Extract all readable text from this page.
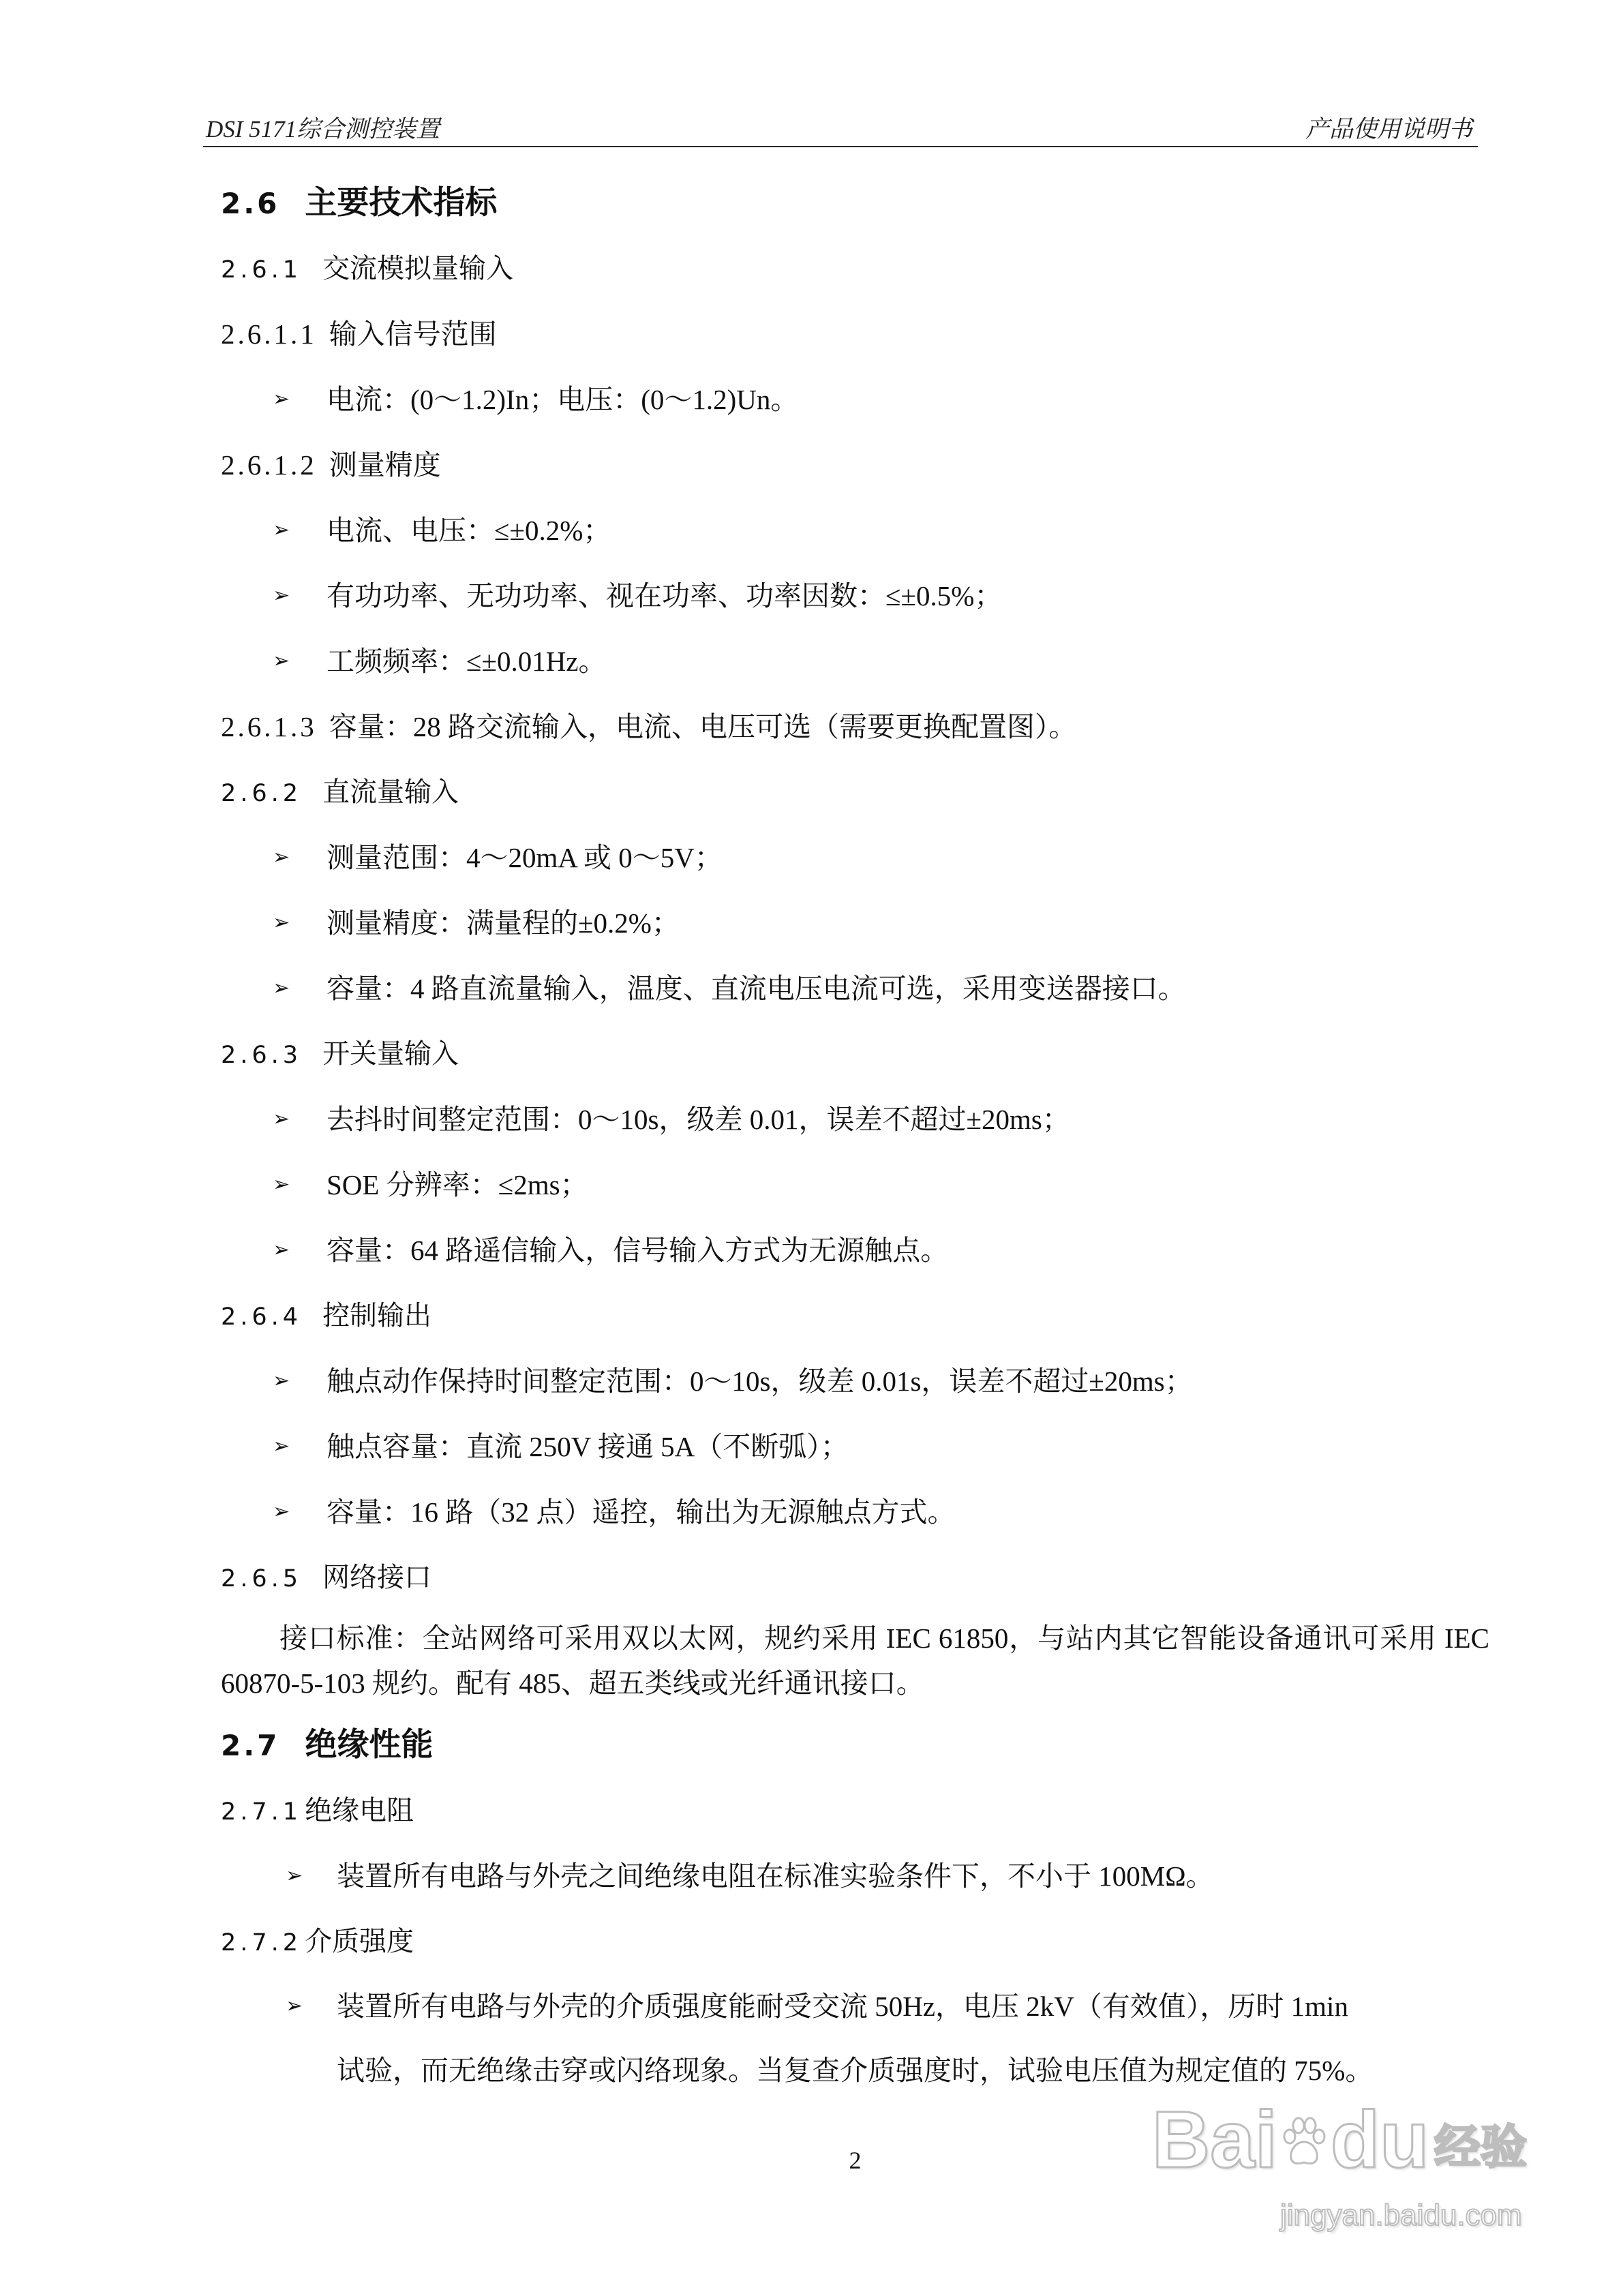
DSI 5171综合测控装置	产品使用说明书
2.6 主要技术指标
2.6.1 交流模拟量输入
2.6.1.1 输入信号范围
➢ 电流：(0～1.2)In；电压：(0～1.2)Un。
2.6.1.2 测量精度
➢ 电流、电压：≤±0.2%；
➢ 有功功率、无功功率、视在功率、功率因数：≤±0.5%；
➢ 工频频率：≤±0.01Hz。
2.6.1.3 容量：28 路交流输入，电流、电压可选（需要更换配置图）。
2.6.2 直流量输入
➢ 测量范围：4～20mA 或 0～5V；
➢ 测量精度：满量程的±0.2%；
➢ 容量：4 路直流量输入，温度、直流电压电流可选，采用变送器接口。
2.6.3 开关量输入
➢ 去抖时间整定范围：0～10s，级差 0.01，误差不超过±20ms；
➢ SOE 分辨率：≤2ms；
➢ 容量：64 路遥信输入，信号输入方式为无源触点。
2.6.4 控制输出
➢ 触点动作保持时间整定范围：0～10s，级差 0.01s，误差不超过±20ms；
➢ 触点容量：直流 250V 接通 5A（不断弧）；
➢ 容量：16 路（32 点）遥控，输出为无源触点方式。
2.6.5 网络接口
接口标准：全站网络可采用双以太网，规约采用 IEC 61850，与站内其它智能设备通讯可采用 IEC
60870-5-103 规约。配有 485、超五类线或光纤通讯接口。
2.7 绝缘性能
2.7.1 绝缘电阻
➢ 装置所有电路与外壳之间绝缘电阻在标准实验条件下，不小于 100MΩ。
2.7.2 介质强度
➢ 装置所有电路与外壳的介质强度能耐受交流 50Hz，电压 2kV（有效值），历时 1min
试验，而无绝缘击穿或闪络现象。当复查介质强度时，试验电压值为规定值的 75%。
2	Bai du 经验
jingyan.baidu.com
